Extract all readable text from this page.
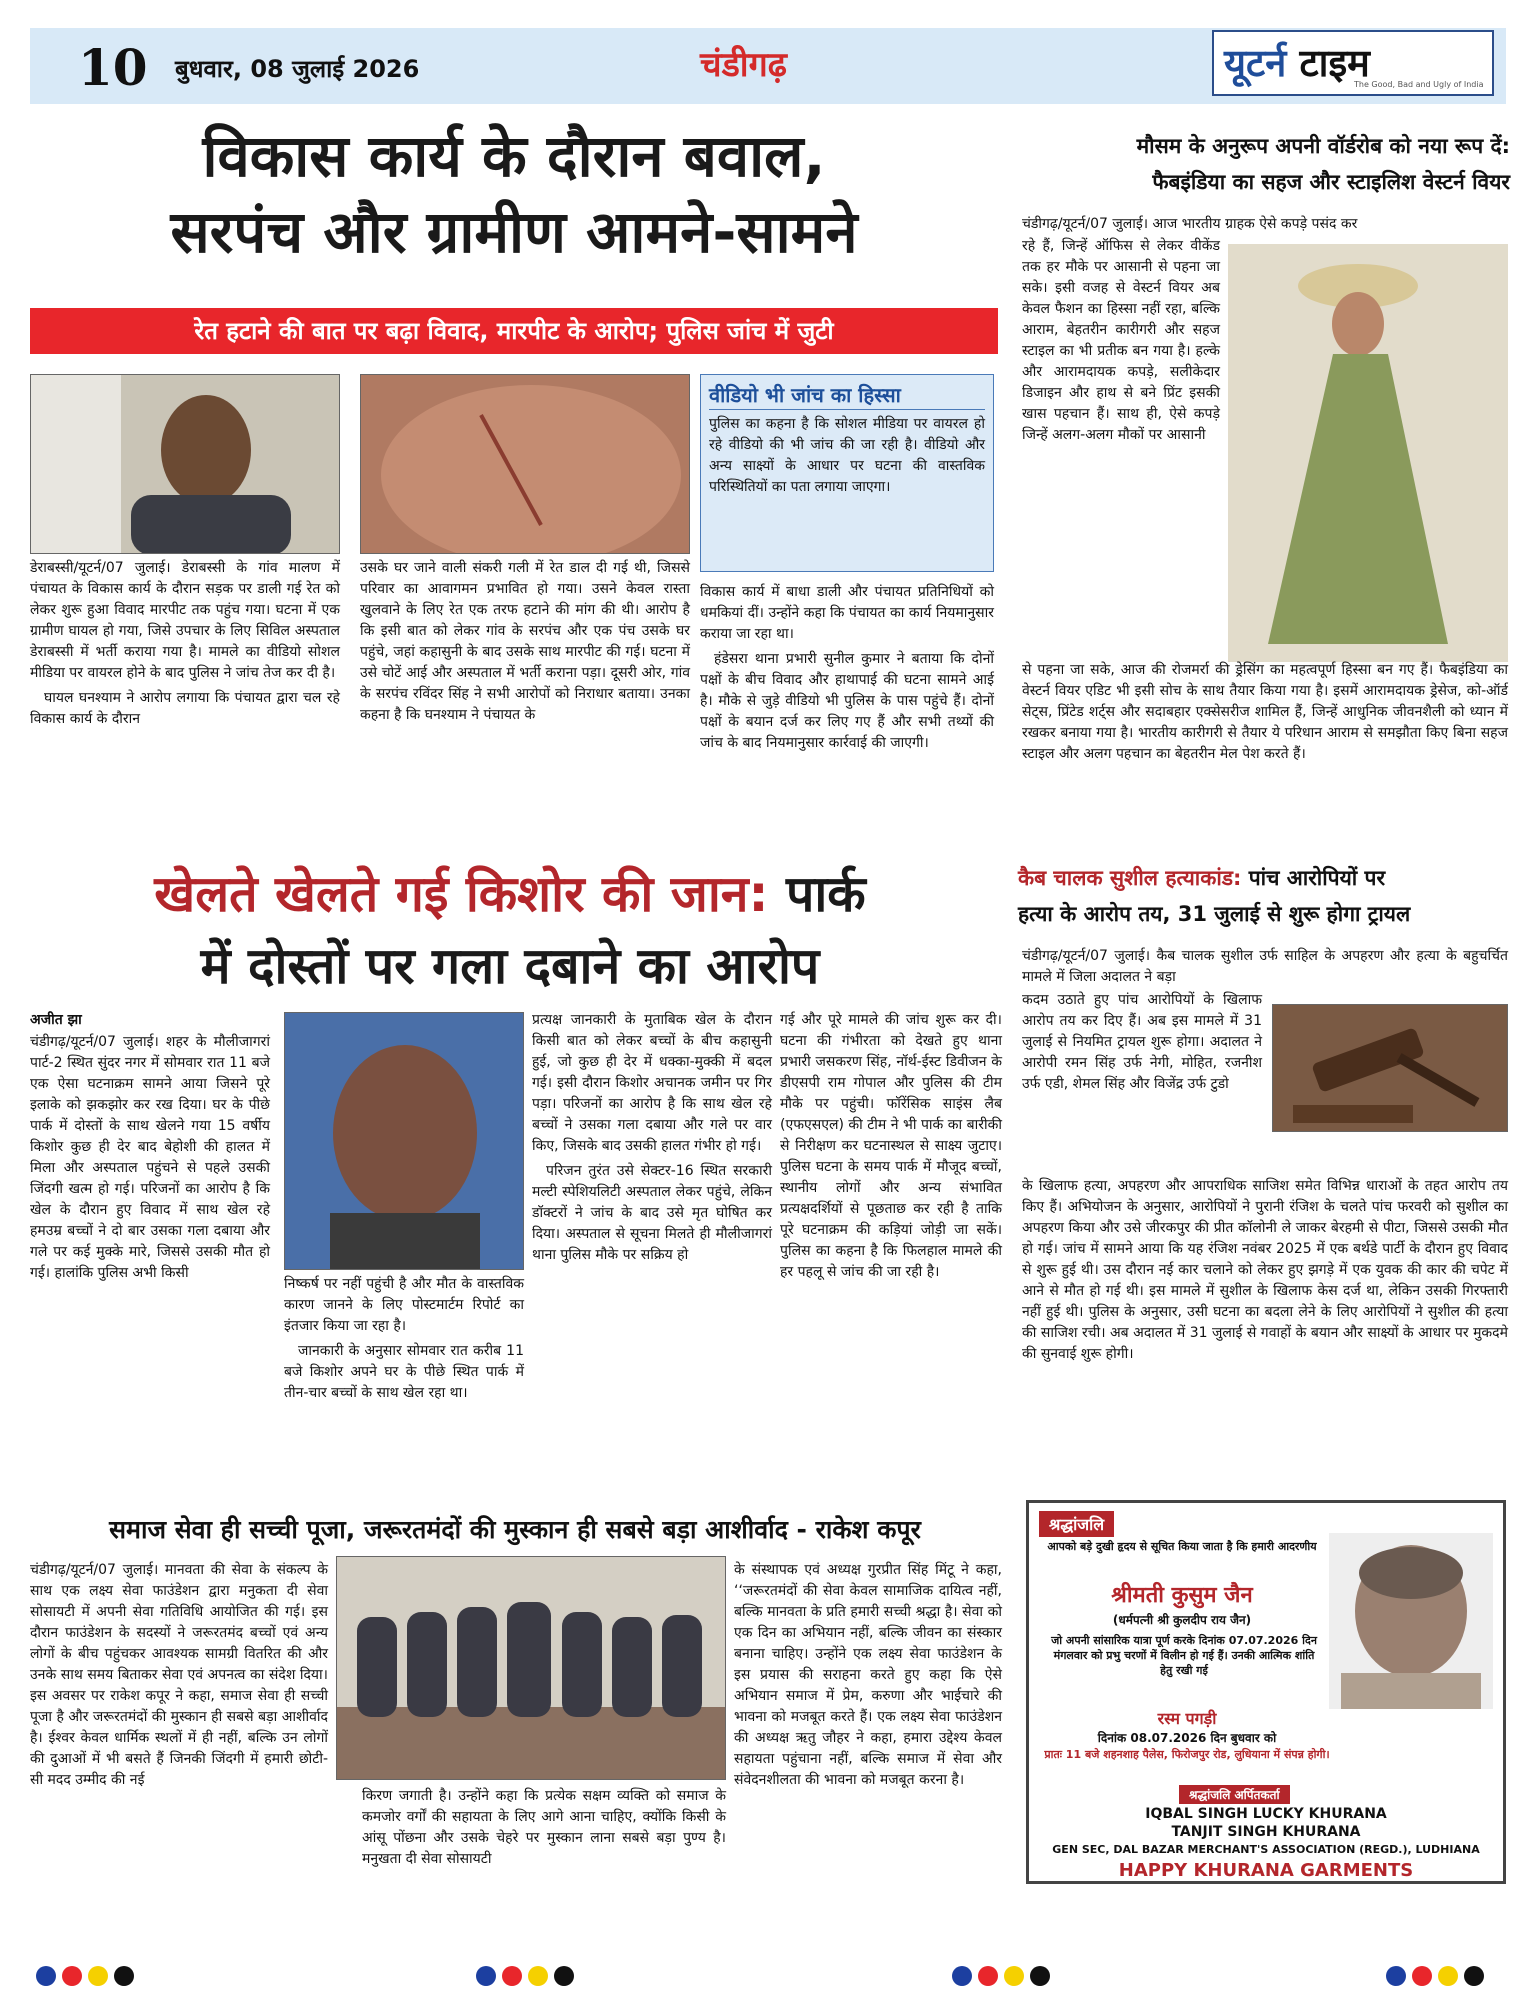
10 बुधवार, 08 जुलाई 2026	चंडीगढ़	यूटर्न टाइम
The Good, Bad and Ugly of India
विकास कार्य के दौरान बवाल,
सरपंच और ग्रामीण आमने-सामने
रेत हटाने की बात पर बढ़ा विवाद, मारपीट के आरोप; पुलिस जांच में जुटी

डेराबस्सी/यूटर्न/07 जुलाई। डेराबस्सी के गांव मालण में पंचायत के विकास कार्य के दौरान सड़क पर डाली गई रेत को लेकर शुरू हुआ विवाद मारपीट तक पहुंच गया। घटना में एक ग्रामीण घायल हो गया, जिसे उपचार के लिए सिविल अस्पताल डेराबस्सी में भर्ती कराया गया है। मामले का वीडियो सोशल मीडिया पर वायरल होने के बाद पुलिस ने जांच तेज कर दी है।

घायल घनश्याम ने आरोप लगाया कि पंचायत द्वारा चल रहे विकास कार्य के दौरान

उसके घर जाने वाली संकरी गली में रेत डाल दी गई थी, जिससे परिवार का आवागमन प्रभावित हो गया। उसने केवल रास्ता खुलवाने के लिए रेत एक तरफ हटाने की मांग की थी। आरोप है कि इसी बात को लेकर गांव के सरपंच और एक पंच उसके घर पहुंचे, जहां कहासुनी के बाद उसके साथ मारपीट की गई। घटना में उसे चोटें आई और अस्पताल में भर्ती कराना पड़ा। दूसरी ओर, गांव के सरपंच रविंदर सिंह ने सभी आरोपों को निराधार बताया। उनका कहना है कि घनश्याम ने पंचायत के
वीडियो भी जांच का हिस्सा
पुलिस का कहना है कि सोशल मीडिया पर वायरल हो रहे वीडियो की भी जांच की जा रही है। वीडियो और अन्य साक्ष्यों के आधार पर घटना की वास्तविक परिस्थितियों का पता लगाया जाएगा।

विकास कार्य में बाधा डाली और पंचायत प्रतिनिधियों को धमकियां दीं। उन्होंने कहा कि पंचायत का कार्य नियमानुसार कराया जा रहा था।

हंडेसरा थाना प्रभारी सुनील कुमार ने बताया कि दोनों पक्षों के बीच विवाद और हाथापाई की घटना सामने आई है। मौके से जुड़े वीडियो भी पुलिस के पास पहुंचे हैं। दोनों पक्षों के बयान दर्ज कर लिए गए हैं और सभी तथ्यों की जांच के बाद नियमानुसार कार्रवाई की जाएगी।

मौसम के अनुरूप अपनी वॉर्डरोब को नया रूप दें:
फैबइंडिया का सहज और स्टाइलिश वेस्टर्न वियर
चंडीगढ़/यूटर्न/07 जुलाई। आज भारतीय ग्राहक ऐसे कपड़े पसंद कर
रहे हैं, जिन्हें ऑफिस से लेकर वीकेंड तक हर मौके पर आसानी से पहना जा सके। इसी वजह से वेस्टर्न वियर अब केवल फैशन का हिस्सा नहीं रहा, बल्कि आराम, बेहतरीन कारीगरी और सहज स्टाइल का भी प्रतीक बन गया है। हल्के और आरामदायक कपड़े, सलीकेदार डिजाइन और हाथ से बने प्रिंट इसकी खास पहचान हैं। साथ ही, ऐसे कपड़े जिन्हें अलग-अलग मौकों पर आसानी
से पहना जा सके, आज की रोजमर्रा की ड्रेसिंग का महत्वपूर्ण हिस्सा बन गए हैं। फैबइंडिया का वेस्टर्न वियर एडिट भी इसी सोच के साथ तैयार किया गया है। इसमें आरामदायक ड्रेसेज, को-ऑर्ड सेट्स, प्रिंटेड शर्ट्स और सदाबहार एक्सेसरीज शामिल हैं, जिन्हें आधुनिक जीवनशैली को ध्यान में रखकर बनाया गया है। भारतीय कारीगरी से तैयार ये परिधान आराम से समझौता किए बिना सहज स्टाइल और अलग पहचान का बेहतरीन मेल पेश करते हैं।
खेलते खेलते गई किशोर की जान: पार्क
में दोस्तों पर गला दबाने का आरोप
अजीत झा
चंडीगढ़/यूटर्न/07 जुलाई। शहर के मौलीजागरां पार्ट-2 स्थित सुंदर नगर में सोमवार रात 11 बजे एक ऐसा घटनाक्रम सामने आया जिसने पूरे इलाके को झकझोर कर रख दिया। घर के पीछे पार्क में दोस्तों के साथ खेलने गया 15 वर्षीय किशोर कुछ ही देर बाद बेहोशी की हालत में मिला और अस्पताल पहुंचने से पहले उसकी जिंदगी खत्म हो गई। परिजनों का आरोप है कि खेल के दौरान हुए विवाद में साथ खेल रहे हमउम्र बच्चों ने दो बार उसका गला दबाया और गले पर कई मुक्के मारे, जिससे उसकी मौत हो गई। हालांकि पुलिस अभी किसी

निष्कर्ष पर नहीं पहुंची है और मौत के वास्तविक कारण जानने के लिए पोस्टमार्टम रिपोर्ट का इंतजार किया जा रहा है।

जानकारी के अनुसार सोमवार रात करीब 11 बजे किशोर अपने घर के पीछे स्थित पार्क में तीन-चार बच्चों के साथ खेल रहा था।

प्रत्यक्ष जानकारी के मुताबिक खेल के दौरान किसी बात को लेकर बच्चों के बीच कहासुनी हुई, जो कुछ ही देर में धक्का-मुक्की में बदल गई। इसी दौरान किशोर अचानक जमीन पर गिर पड़ा। परिजनों का आरोप है कि साथ खेल रहे बच्चों ने उसका गला दबाया और गले पर वार किए, जिसके बाद उसकी हालत गंभीर हो गई।

परिजन तुरंत उसे सेक्टर-16 स्थित सरकारी मल्टी स्पेशियलिटी अस्पताल लेकर पहुंचे, लेकिन डॉक्टरों ने जांच के बाद उसे मृत घोषित कर दिया। अस्पताल से सूचना मिलते ही मौलीजागरां थाना पुलिस मौके पर सक्रिय हो

गई और पूरे मामले की जांच शुरू कर दी। घटना की गंभीरता को देखते हुए थाना प्रभारी जसकरण सिंह, नॉर्थ-ईस्ट डिवीजन के डीएसपी राम गोपाल और पुलिस की टीम मौके पर पहुंची। फॉरेंसिक साइंस लैब (एफएसएल) की टीम ने भी पार्क का बारीकी से निरीक्षण कर घटनास्थल से साक्ष्य जुटाए। पुलिस घटना के समय पार्क में मौजूद बच्चों, स्थानीय लोगों और अन्य संभावित प्रत्यक्षदर्शियों से पूछताछ कर रही है ताकि पूरे घटनाक्रम की कड़ियां जोड़ी जा सकें। पुलिस का कहना है कि फिलहाल मामले की हर पहलू से जांच की जा रही है।
कैब चालक सुशील हत्याकांड: पांच आरोपियों पर
हत्या के आरोप तय, 31 जुलाई से शुरू होगा ट्रायल
चंडीगढ़/यूटर्न/07 जुलाई। कैब चालक सुशील उर्फ साहिल के अपहरण और हत्या के बहुचर्चित मामले में जिला अदालत ने बड़ा
कदम उठाते हुए पांच आरोपियों के खिलाफ आरोप तय कर दिए हैं। अब इस मामले में 31 जुलाई से नियमित ट्रायल शुरू होगा। अदालत ने आरोपी रमन सिंह उर्फ नेगी, मोहित, रजनीश उर्फ एडी, शेमल सिंह और विजेंद्र उर्फ टुडो
के खिलाफ हत्या, अपहरण और आपराधिक साजिश समेत विभिन्न धाराओं के तहत आरोप तय किए हैं। अभियोजन के अनुसार, आरोपियों ने पुरानी रंजिश के चलते पांच फरवरी को सुशील का अपहरण किया और उसे जीरकपुर की प्रीत कॉलोनी ले जाकर बेरहमी से पीटा, जिससे उसकी मौत हो गई। जांच में सामने आया कि यह रंजिश नवंबर 2025 में एक बर्थडे पार्टी के दौरान हुए विवाद से शुरू हुई थी। उस दौरान नई कार चलाने को लेकर हुए झगड़े में एक युवक की कार की चपेट में आने से मौत हो गई थी। इस मामले में सुशील के खिलाफ केस दर्ज था, लेकिन उसकी गिरफ्तारी नहीं हुई थी। पुलिस के अनुसार, उसी घटना का बदला लेने के लिए आरोपियों ने सुशील की हत्या की साजिश रची। अब अदालत में 31 जुलाई से गवाहों के बयान और साक्ष्यों के आधार पर मुकदमे की सुनवाई शुरू होगी।
समाज सेवा ही सच्ची पूजा, जरूरतमंदों की मुस्कान ही सबसे बड़ा आशीर्वाद - राकेश कपूर
चंडीगढ़/यूटर्न/07 जुलाई। मानवता की सेवा के संकल्प के साथ एक लक्ष्य सेवा फाउंडेशन द्वारा मनुकता दी सेवा सोसायटी में अपनी सेवा गतिविधि आयोजित की गई। इस दौरान फाउंडेशन के सदस्यों ने जरूरतमंद बच्चों एवं अन्य लोगों के बीच पहुंचकर आवश्यक सामग्री वितरित की और उनके साथ समय बिताकर सेवा एवं अपनत्व का संदेश दिया। इस अवसर पर राकेश कपूर ने कहा, समाज सेवा ही सच्ची पूजा है और जरूरतमंदों की मुस्कान ही सबसे बड़ा आशीर्वाद है। ईश्वर केवल धार्मिक स्थलों में ही नहीं, बल्कि उन लोगों की दुआओं में भी बसते हैं जिनकी जिंदगी में हमारी छोटी-सी मदद उम्मीद की नई
किरण जगाती है। उन्होंने कहा कि प्रत्येक सक्षम व्यक्ति को समाज के कमजोर वर्गों की सहायता के लिए आगे आना चाहिए, क्योंकि किसी के आंसू पोंछना और उसके चेहरे पर मुस्कान लाना सबसे बड़ा पुण्य है। मनुखता दी सेवा सोसायटी
के संस्थापक एवं अध्यक्ष गुरप्रीत सिंह मिंटू ने कहा, ‘‘जरूरतमंदों की सेवा केवल सामाजिक दायित्व नहीं, बल्कि मानवता के प्रति हमारी सच्ची श्रद्धा है। सेवा को एक दिन का अभियान नहीं, बल्कि जीवन का संस्कार बनाना चाहिए। उन्होंने एक लक्ष्य सेवा फाउंडेशन के इस प्रयास की सराहना करते हुए कहा कि ऐसे अभियान समाज में प्रेम, करुणा और भाईचारे की भावना को मजबूत करते हैं। एक लक्ष्य सेवा फाउंडेशन की अध्यक्ष ऋतु जौहर ने कहा, हमारा उद्देश्य केवल सहायता पहुंचाना नहीं, बल्कि समाज में सेवा और संवेदनशीलता की भावना को मजबूत करना है।
श्रद्धांजलि
आपको बड़े दुखी हृदय से सूचित किया जाता है कि हमारी आदरणीय
श्रीमती कुसुम जैन
(धर्मपत्नी श्री कुलदीप राय जैन)
जो अपनी सांसारिक यात्रा पूर्ण करके दिनांक 07.07.2026 दिन मंगलवार को प्रभु चरणों में विलीन हो गई हैं। उनकी आत्मिक शांति हेतु रखी गई
रस्म पगड़ी
दिनांक 08.07.2026 दिन बुधवार को
प्रातः 11 बजे शहनशाह पैलेस, फिरोजपुर रोड, लुधियाना में संपन्न होगी।
श्रद्धांजलि अर्पितकर्ता
IQBAL SINGH LUCKY KHURANA
TANJIT SINGH KHURANA
GEN SEC, DAL BAZAR MERCHANT'S ASSOCIATION (REGD.), LUDHIANA
HAPPY KHURANA GARMENTS
